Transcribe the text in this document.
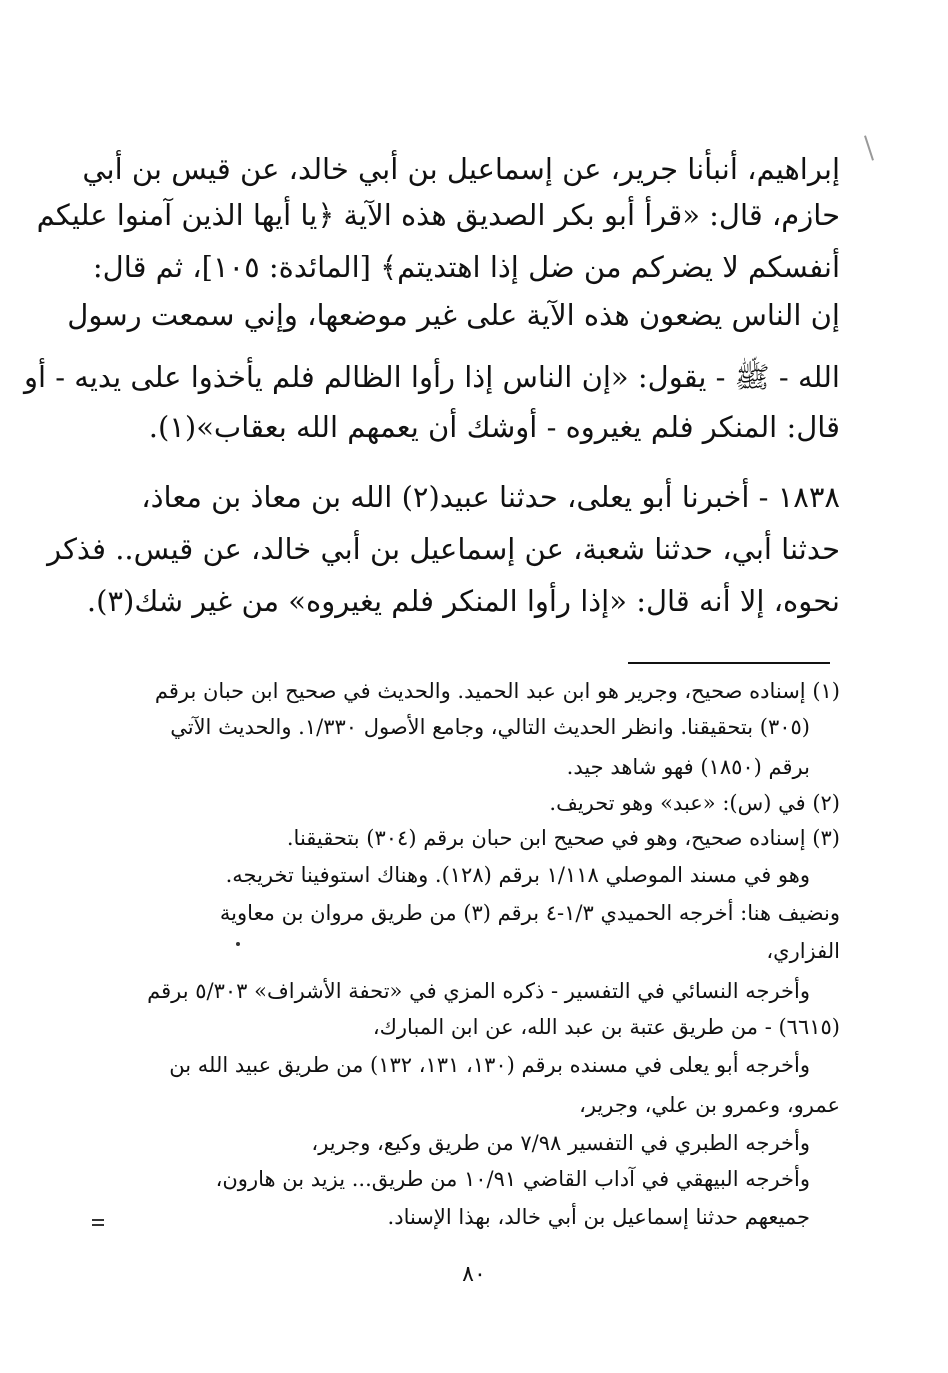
إبراهيم، أنبأنا جرير، عن إسماعيل بن أبي خالد، عن قيس بن أبي
حازم، قال: «قرأ أبو بكر الصديق هذه الآية ﴿يا أيها الذين آمنوا عليكم
أنفسكم لا يضركم من ضل إذا اهتديتم﴾ [المائدة: ١٠٥]، ثم قال:
إن الناس يضعون هذه الآية على غير موضعها، وإني سمعت رسول
الله - ﷺ - يقول: «إن الناس إذا رأوا الظالم فلم يأخذوا على يديه - أو
قال: المنكر فلم يغيروه - أوشك أن يعمهم الله بعقاب»(١).
١٨٣٨ - أخبرنا أبو يعلى، حدثنا عبيد(٢) الله بن معاذ بن معاذ،
حدثنا أبي، حدثنا شعبة، عن إسماعيل بن أبي خالد، عن قيس.. فذكر
نحوه، إلا أنه قال: «إذا رأوا المنكر فلم يغيروه» من غير شك(٣).
(١) إسناده صحيح، وجرير هو ابن عبد الحميد. والحديث في صحيح ابن حبان برقم
(٣٠٥) بتحقيقنا. وانظر الحديث التالي، وجامع الأصول ١/٣٣٠. والحديث الآتي
برقم (١٨٥٠) فهو شاهد جيد.
(٢) في (س): «عبد» وهو تحريف.
(٣) إسناده صحيح، وهو في صحيح ابن حبان برقم (٣٠٤) بتحقيقنا.
وهو في مسند الموصلي ١/١١٨ برقم (١٢٨). وهناك استوفينا تخريجه.
ونضيف هنا: أخرجه الحميدي ١/٣-٤ برقم (٣) من طريق مروان بن معاوية
الفزاري،
وأخرجه النسائي في التفسير - ذكره المزي في «تحفة الأشراف» ٥/٣٠٣ برقم
(٦٦١٥) - من طريق عتبة بن عبد الله، عن ابن المبارك،
وأخرجه أبو يعلى في مسنده برقم (١٣٠، ١٣١، ١٣٢) من طريق عبيد الله بن
عمرو، وعمرو بن علي، وجرير،
وأخرجه الطبري في التفسير ٧/٩٨ من طريق وكيع، وجرير،
وأخرجه البيهقي في آداب القاضي ١٠/٩١ من طريق... يزيد بن هارون،
جميعهم حدثنا إسماعيل بن أبي خالد، بهذا الإسناد.
٨٠
